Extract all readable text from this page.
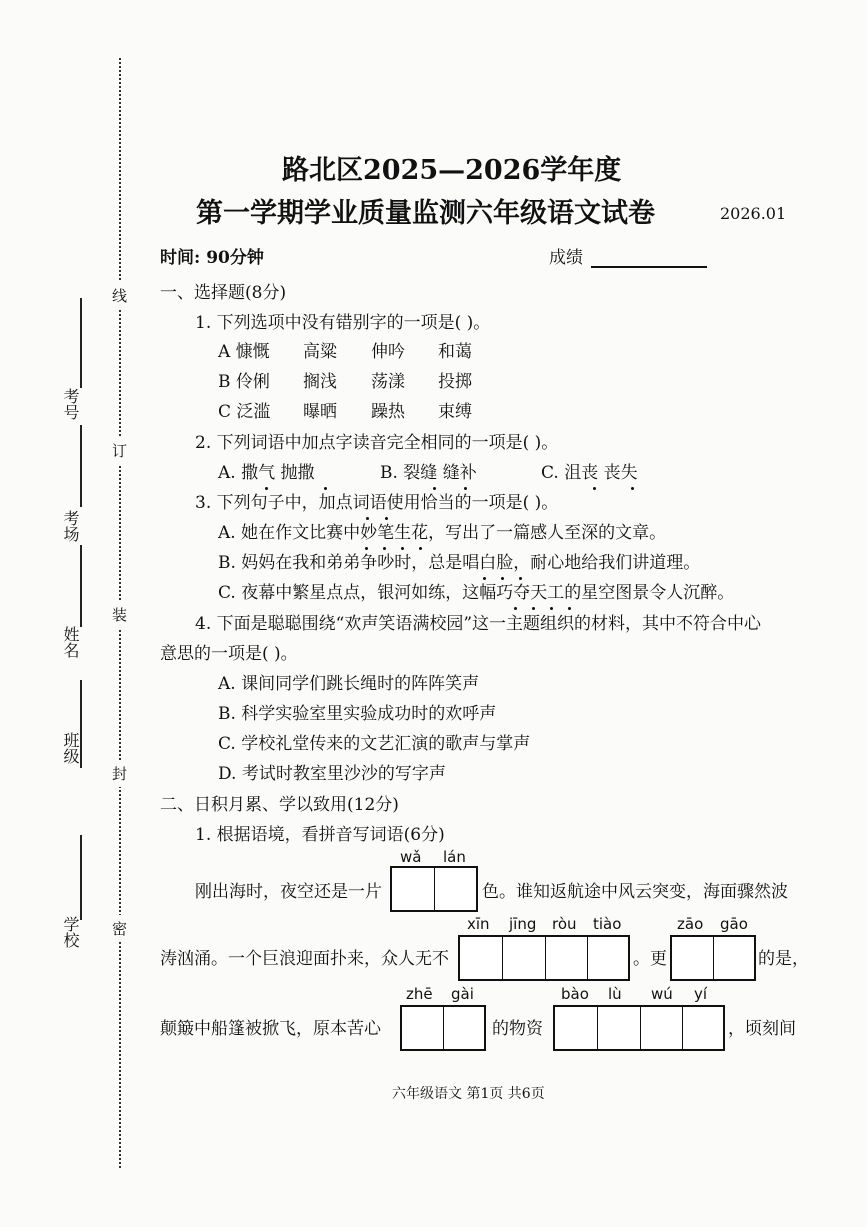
线
订
装
封
密
学校
班级
姓名
考场
考号
路北区2025—2026学年度
第一学期学业质量监测六年级语文试卷	2026.01
时间: 90分钟	成绩
一、选择题(8分)
1. 下列选项中没有错别字的一项是( )。
A 慷慨 高粱 伸吟 和蔼
B 伶俐 搁浅 荡漾 投掷
C 泛滥 曝晒 躁热 束缚
2. 下列词语中加点字读音完全相同的一项是( )。
A. 撒气 抛撒	B. 裂缝 缝补	C. 沮丧 丧失
3. 下列句子中，加点词语使用恰当的一项是( )。
A. 她在作文比赛中妙笔生花，写出了一篇感人至深的文章。
B. 妈妈在我和弟弟争吵时，总是唱白脸，耐心地给我们讲道理。
C. 夜幕中繁星点点，银河如练，这幅巧夺天工的星空图景令人沉醉。
4. 下面是聪聪围绕“欢声笑语满校园”这一主题组织的材料，其中不符合中心
意思的一项是( )。
A. 课间同学们跳长绳时的阵阵笑声
B. 科学实验室里实验成功时的欢呼声
C. 学校礼堂传来的文艺汇演的歌声与掌声
D. 考试时教室里沙沙的写字声
二、日积月累、学以致用(12分)
1. 根据语境，看拼音写词语(6分)
wǎ lán
刚出海时，夜空还是一片	色。谁知返航途中风云突变，海面骤然波
xīn jīng ròu tiào	zāo gāo
涛汹涌。一个巨浪迎面扑来，众人无不	。更	的是，
zhē gài	bào lù wú yí
颠簸中船篷被掀飞，原本苦心	的物资	，顷刻间
六年级语文 第1页 共6页
